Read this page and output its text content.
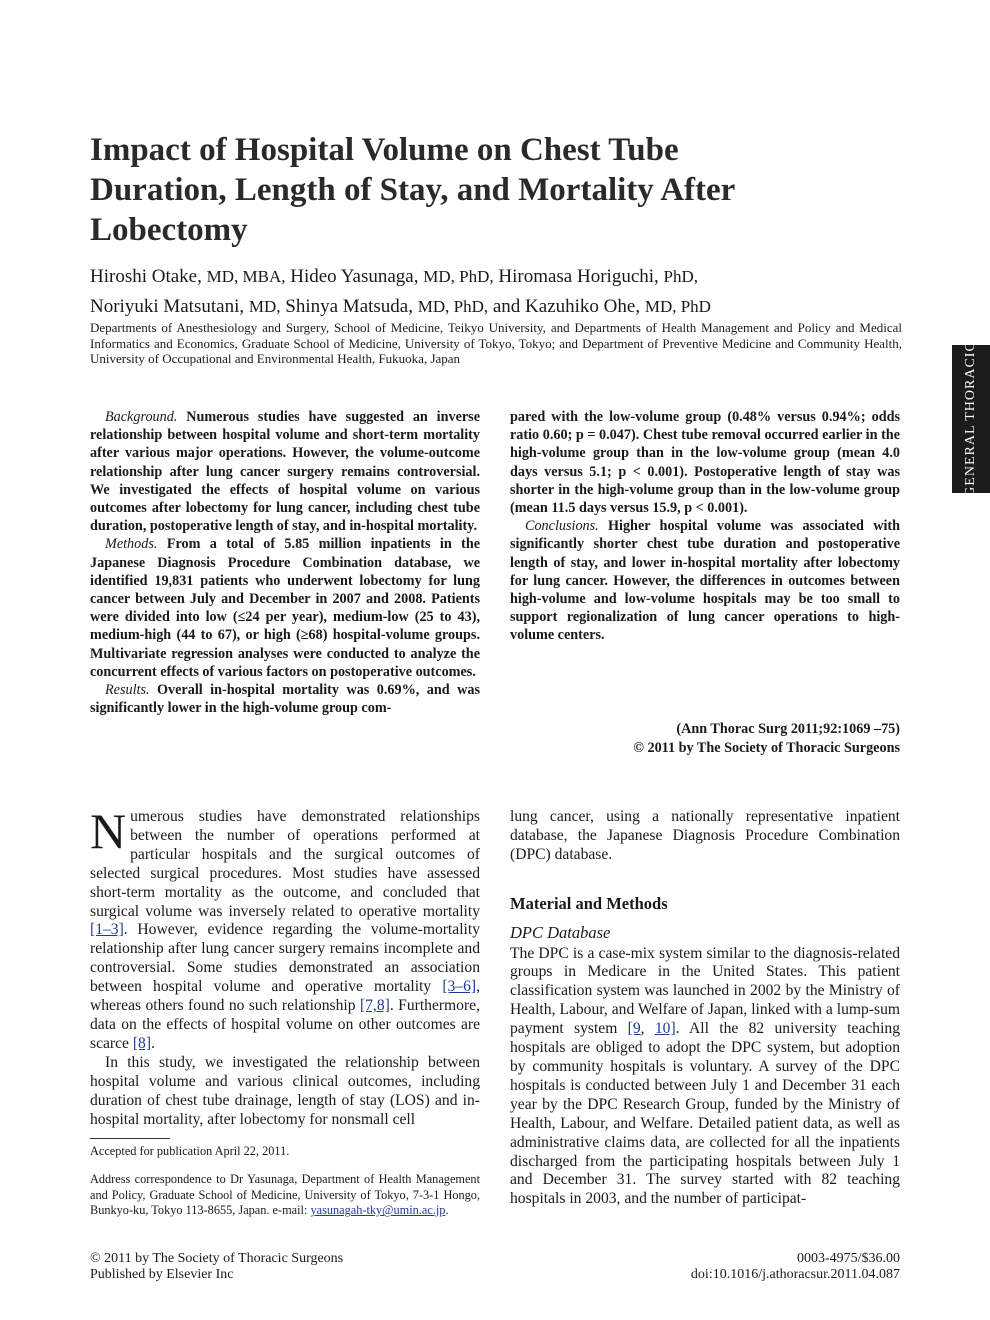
Impact of Hospital Volume on Chest Tube Duration, Length of Stay, and Mortality After Lobectomy
Hiroshi Otake, MD, MBA, Hideo Yasunaga, MD, PhD, Hiromasa Horiguchi, PhD,
Noriyuki Matsutani, MD, Shinya Matsuda, MD, PhD, and Kazuhiko Ohe, MD, PhD
Departments of Anesthesiology and Surgery, School of Medicine, Teikyo University, and Departments of Health Management and Policy and Medical Informatics and Economics, Graduate School of Medicine, University of Tokyo, Tokyo; and Department of Preventive Medicine and Community Health, University of Occupational and Environmental Health, Fukuoka, Japan	GENERAL THORACIC

Background. Numerous studies have suggested an inverse relationship between hospital volume and short-term mortality after various major operations. However, the volume-outcome relationship after lung cancer surgery remains controversial. We investigated the effects of hospital volume on various outcomes after lobectomy for lung cancer, including chest tube duration, postoperative length of stay, and in-hospital mortality.

Methods. From a total of 5.85 million inpatients in the Japanese Diagnosis Procedure Combination database, we identified 19,831 patients who underwent lobectomy for lung cancer between July and December in 2007 and 2008. Patients were divided into low (≤24 per year), medium-low (25 to 43), medium-high (44 to 67), or high (≥68) hospital-volume groups. Multivariate regression analyses were conducted to analyze the concurrent effects of various factors on postoperative outcomes.

Results. Overall in-hospital mortality was 0.69%, and was significantly lower in the high-volume group com-

pared with the low-volume group (0.48% versus 0.94%; odds ratio 0.60; p = 0.047). Chest tube removal occurred earlier in the high-volume group than in the low-volume group (mean 4.0 days versus 5.1; p < 0.001). Postoperative length of stay was shorter in the high-volume group than in the low-volume group (mean 11.5 days versus 15.9, p < 0.001).

Conclusions. Higher hospital volume was associated with significantly shorter chest tube duration and postoperative length of stay, and lower in-hospital mortality after lobectomy for lung cancer. However, the differences in outcomes between high-volume and low-volume hospitals may be too small to support regionalization of lung cancer operations to high-volume centers.

(Ann Thorac Surg 2011;92:1069 –75)
© 2011 by The Society of Thoracic Surgeons

Numerous studies have demonstrated relationships between the number of operations performed at particular hospitals and the surgical outcomes of selected surgical procedures. Most studies have assessed short-term mortality as the outcome, and concluded that surgical volume was inversely related to operative mortality [1–3]. However, evidence regarding the volume-mortality relationship after lung cancer surgery remains incomplete and controversial. Some studies demonstrated an association between hospital volume and operative mortality [3–6], whereas others found no such relationship [7,8]. Furthermore, data on the effects of hospital volume on other outcomes are scarce [8].

In this study, we investigated the relationship between hospital volume and various clinical outcomes, including duration of chest tube drainage, length of stay (LOS) and in-hospital mortality, after lobectomy for nonsmall cell

lung cancer, using a nationally representative inpatient database, the Japanese Diagnosis Procedure Combination (DPC) database.

Material and Methods
DPC Database

The DPC is a case-mix system similar to the diagnosis-related groups in Medicare in the United States. This patient classification system was launched in 2002 by the Ministry of Health, Labour, and Welfare of Japan, linked with a lump-sum payment system [9, 10]. All the 82 university teaching hospitals are obliged to adopt the DPC system, but adoption by community hospitals is voluntary. A survey of the DPC hospitals is conducted between July 1 and December 31 each year by the DPC Research Group, funded by the Ministry of Health, Labour, and Welfare. Detailed patient data, as well as administrative claims data, are collected for all the inpatients discharged from the participating hospitals between July 1 and December 31. The survey started with 82 teaching hospitals in 2003, and the number of participat-

Accepted for publication April 22, 2011.

Address correspondence to Dr Yasunaga, Department of Health Management and Policy, Graduate School of Medicine, University of Tokyo, 7-3-1 Hongo, Bunkyo-ku, Tokyo 113-8655, Japan. e-mail: yasunagah-tky@umin.ac.jp.

© 2011 by The Society of Thoracic Surgeons
Published by Elsevier Inc
0003-4975/$36.00
doi:10.1016/j.athoracsur.2011.04.087
